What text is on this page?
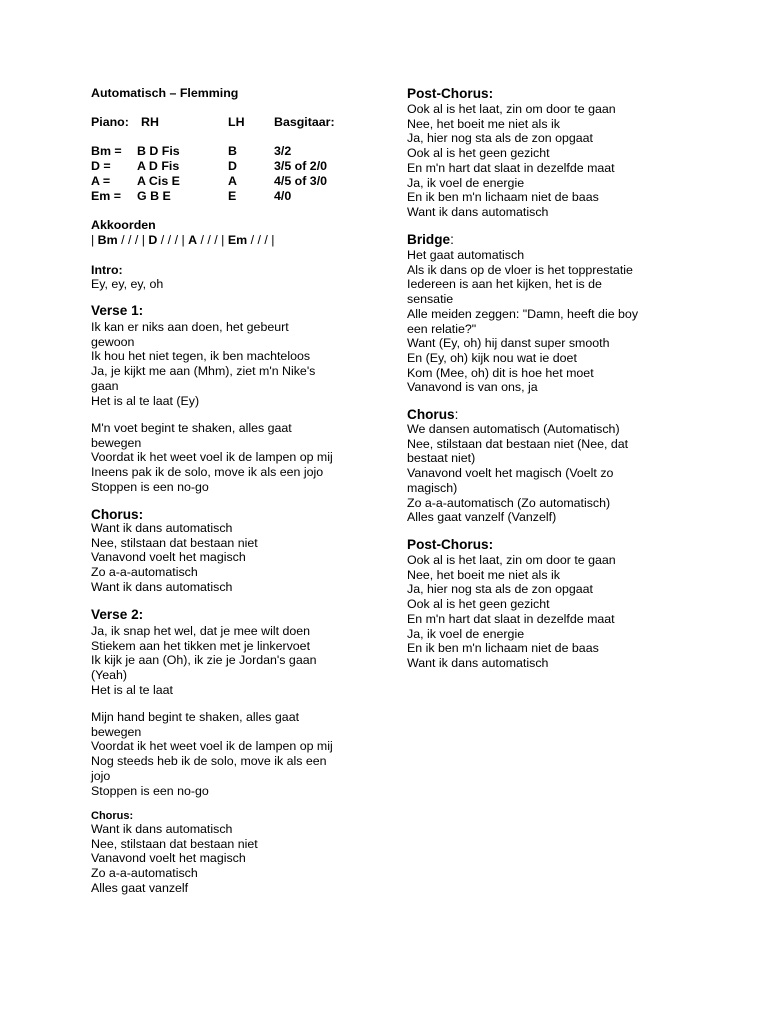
Automatisch – Flemming
Piano: RH	LH Basgitaar:
Bm = B D Fis	B	3/2
D = A D Fis	D	3/5 of 2/0
A = A Cis E	A	4/5 of 3/0
Em = G B E	E	4/0
Akkoorden
| Bm / / / | D / / / | A / / / | Em / / / |
Intro:
Ey, ey, ey, oh
Verse 1:
Ik kan er niks aan doen, het gebeurt
gewoon
Ik hou het niet tegen, ik ben machteloos
Ja, je kijkt me aan (Mhm), ziet m'n Nike's
gaan
Het is al te laat (Ey)
M'n voet begint te shaken, alles gaat
bewegen
Voordat ik het weet voel ik de lampen op mij
Ineens pak ik de solo, move ik als een jojo
Stoppen is een no-go
Chorus:
Want ik dans automatisch
Nee, stilstaan dat bestaan niet
Vanavond voelt het magisch
Zo a-a-automatisch
Want ik dans automatisch
Verse 2:
Ja, ik snap het wel, dat je mee wilt doen
Stiekem aan het tikken met je linkervoet
Ik kijk je aan (Oh), ik zie je Jordan's gaan
(Yeah)
Het is al te laat
Mijn hand begint te shaken, alles gaat
bewegen
Voordat ik het weet voel ik de lampen op mij
Nog steeds heb ik de solo, move ik als een
jojo
Stoppen is een no-go
Chorus:
Want ik dans automatisch
Nee, stilstaan dat bestaan niet
Vanavond voelt het magisch
Zo a-a-automatisch
Alles gaat vanzelf
Post-Chorus:
Ook al is het laat, zin om door te gaan
Nee, het boeit me niet als ik
Ja, hier nog sta als de zon opgaat
Ook al is het geen gezicht
En m'n hart dat slaat in dezelfde maat
Ja, ik voel de energie
En ik ben m'n lichaam niet de baas
Want ik dans automatisch
Bridge:
Het gaat automatisch
Als ik dans op de vloer is het topprestatie
Iedereen is aan het kijken, het is de
sensatie
Alle meiden zeggen: "Damn, heeft die boy
een relatie?"
Want (Ey, oh) hij danst super smooth
En (Ey, oh) kijk nou wat ie doet
Kom (Mee, oh) dit is hoe het moet
Vanavond is van ons, ja
Chorus:
We dansen automatisch (Automatisch)
Nee, stilstaan dat bestaan niet (Nee, dat
bestaat niet)
Vanavond voelt het magisch (Voelt zo
magisch)
Zo a-a-automatisch (Zo automatisch)
Alles gaat vanzelf (Vanzelf)
Post-Chorus:
Ook al is het laat, zin om door te gaan
Nee, het boeit me niet als ik
Ja, hier nog sta als de zon opgaat
Ook al is het geen gezicht
En m'n hart dat slaat in dezelfde maat
Ja, ik voel de energie
En ik ben m'n lichaam niet de baas
Want ik dans automatisch
